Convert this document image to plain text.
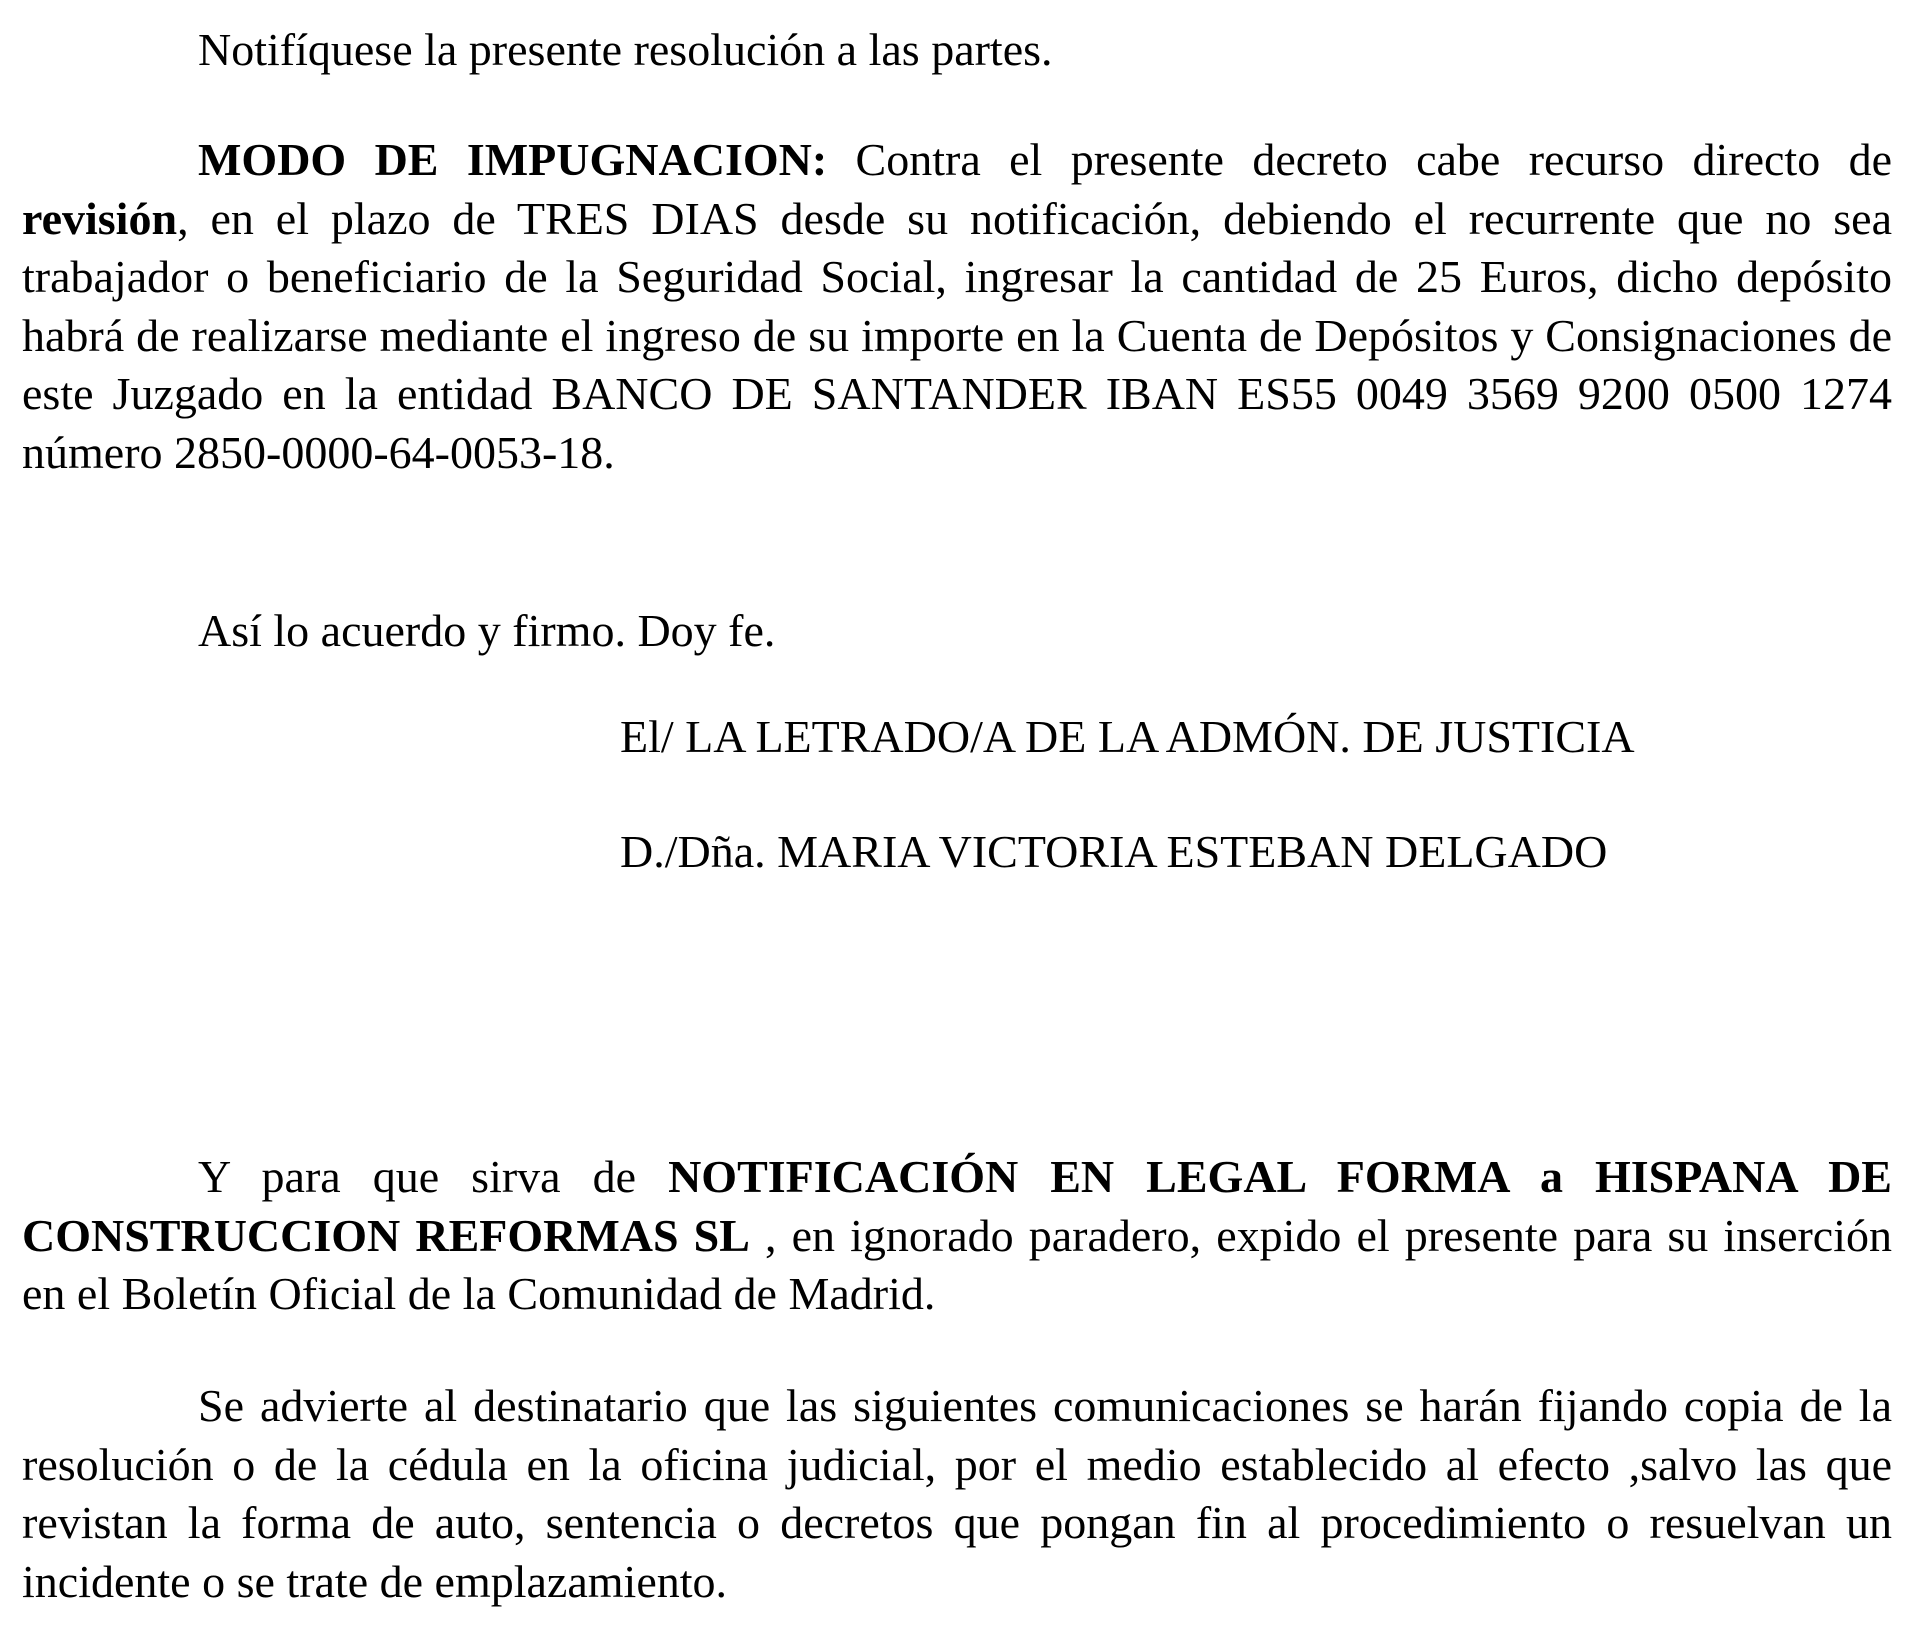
Notifíquese la presente resolución a las partes.

MODO DE IMPUGNACION: Contra el presente decreto cabe recurso directo de revisión, en el plazo de TRES DIAS desde su notificación, debiendo el recurrente que no sea trabajador o beneficiario de la Seguridad Social, ingresar la cantidad de 25 Euros, dicho depósito habrá de realizarse mediante el ingreso de su importe en la Cuenta de Depósitos y Consignaciones de este Juzgado en la entidad BANCO DE SANTANDER IBAN ES55 0049 3569 9200 0500 1274 número 2850-0000-64-0053-18.

Así lo acuerdo y firmo. Doy fe.

El/ LA LETRADO/A DE LA ADMÓN. DE JUSTICIA

D./Dña. MARIA VICTORIA ESTEBAN DELGADO

Y para que sirva de NOTIFICACIÓN EN LEGAL FORMA a HISPANA DE CONSTRUCCION REFORMAS SL , en ignorado paradero, expido el presente para su inserción en el Boletín Oficial de la Comunidad de Madrid.

Se advierte al destinatario que las siguientes comunicaciones se harán fijando copia de la resolución o de la cédula en la oficina judicial, por el medio establecido al efecto ,salvo las que revistan la forma de auto, sentencia o decretos que pongan fin al procedimiento o resuelvan un incidente o se trate de emplazamiento.
